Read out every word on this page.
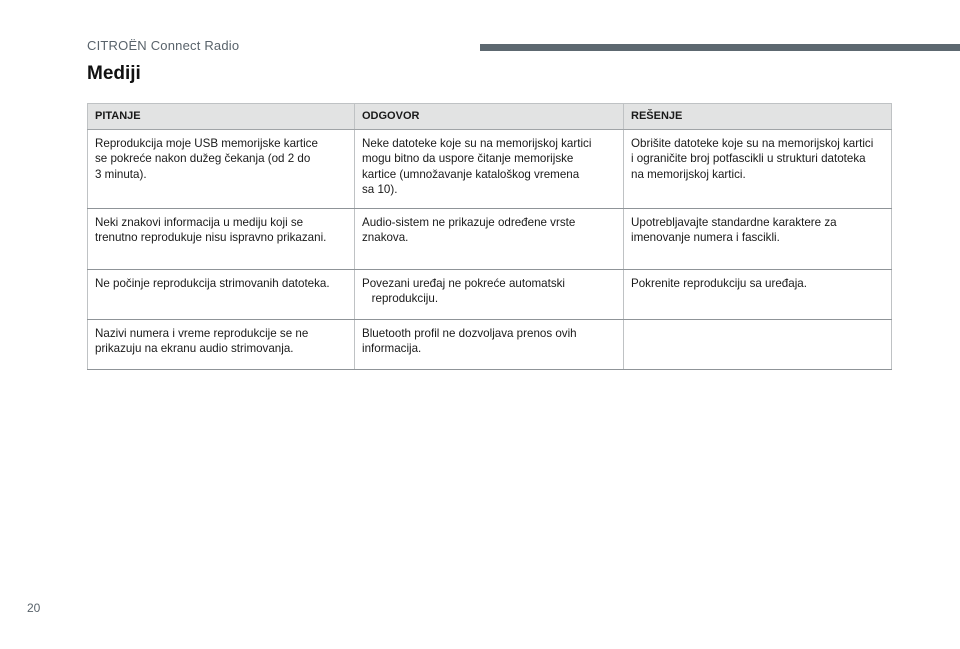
CITROËN Connect Radio
Mediji
PITANJE	ODGOVOR	REŠENJE
Reprodukcija moje USB memorijske kartice
se pokreće nakon dužeg čekanja (od 2 do
3 minuta).	Neke datoteke koje su na memorijskoj kartici
mogu bitno da uspore čitanje memorijske
kartice (umnožavanje kataloškog vremena
sa 10).	Obrišite datoteke koje su na memorijskoj kartici
i ograničite broj potfascikli u strukturi datoteka
na memorijskoj kartici.
Neki znakovi informacija u mediju koji se
trenutno reprodukuje nisu ispravno prikazani.	Audio-sistem ne prikazuje određene vrste
znakova.	Upotrebljavajte standardne karaktere za
imenovanje numera i fascikli.
Ne počinje reprodukcija strimovanih datoteka.	Povezani uređaj ne pokreće automatski
reprodukciju.	Pokrenite reprodukciju sa uređaja.
Nazivi numera i vreme reprodukcije se ne
prikazuju na ekranu audio strimovanja.	Bluetooth profil ne dozvoljava prenos ovih
informacija.	
20
